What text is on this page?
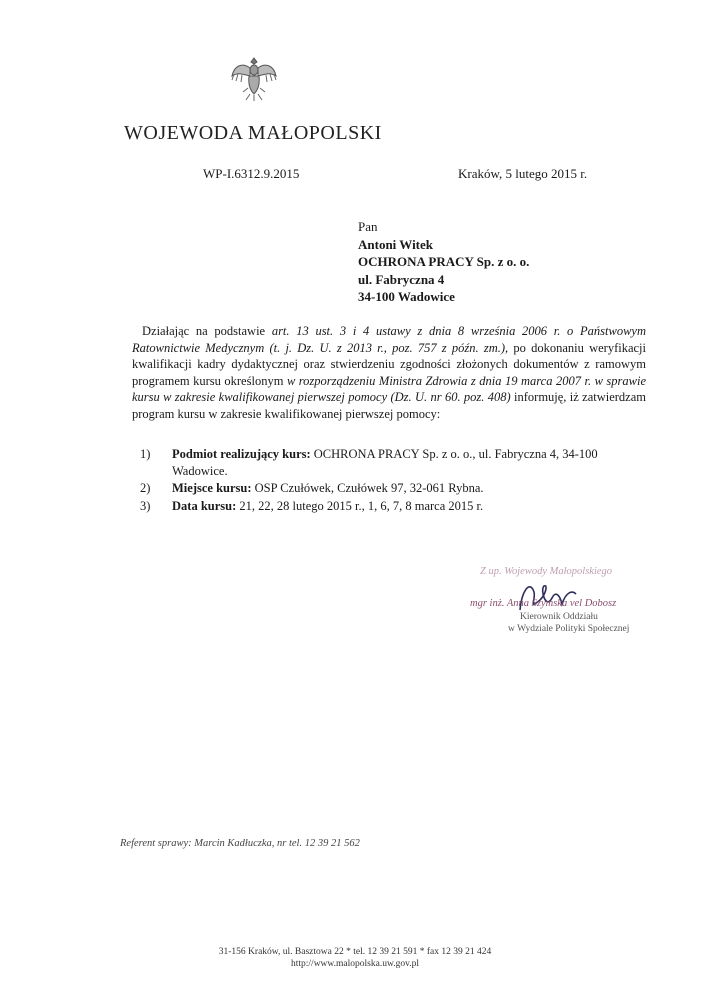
WOJEWODA MAŁOPOLSKI
WP-I.6312.9.2015	Kraków, 5 lutego 2015 r.
Pan
Antoni Witek
OCHRONA PRACY Sp. z o. o.
ul. Fabryczna 4
34-100 Wadowice
Działając na podstawie art. 13 ust. 3 i 4 ustawy z dnia 8 września 2006 r. o Państwowym Ratownictwie Medycznym (t. j. Dz. U. z 2013 r., poz. 757 z późn. zm.), po dokonaniu weryfikacji kwalifikacji kadry dydaktycznej oraz stwierdzeniu zgodności złożonych dokumentów z ramowym programem kursu określonym w rozporządzeniu Ministra Zdrowia z dnia 19 marca 2007 r. w sprawie kursu w zakresie kwalifikowanej pierwszej pomocy (Dz. U. nr 60. poz. 408) informuję, iż zatwierdzam program kursu w zakresie kwalifikowanej pierwszej pomocy:
1) Podmiot realizujący kurs: OCHRONA PRACY Sp. z o. o., ul. Fabryczna 4, 34-100 Wadowice.
2) Miejsce kursu: OSP Czułówek, Czułówek 97, 32-061 Rybna.
3) Data kursu: 21, 22, 28 lutego 2015 r., 1, 6, 7, 8 marca 2015 r.
Z up. Wojewody Małopolskiego
mgr inż. Anna Szymska vel Dobosz
Kierownik Oddziału
w Wydziale Polityki Społecznej
Referent sprawy: Marcin Kadłuczka, nr tel. 12 39 21 562
31-156 Kraków, ul. Basztowa 22 * tel. 12 39 21 591 * fax 12 39 21 424
http://www.malopolska.uw.gov.pl
